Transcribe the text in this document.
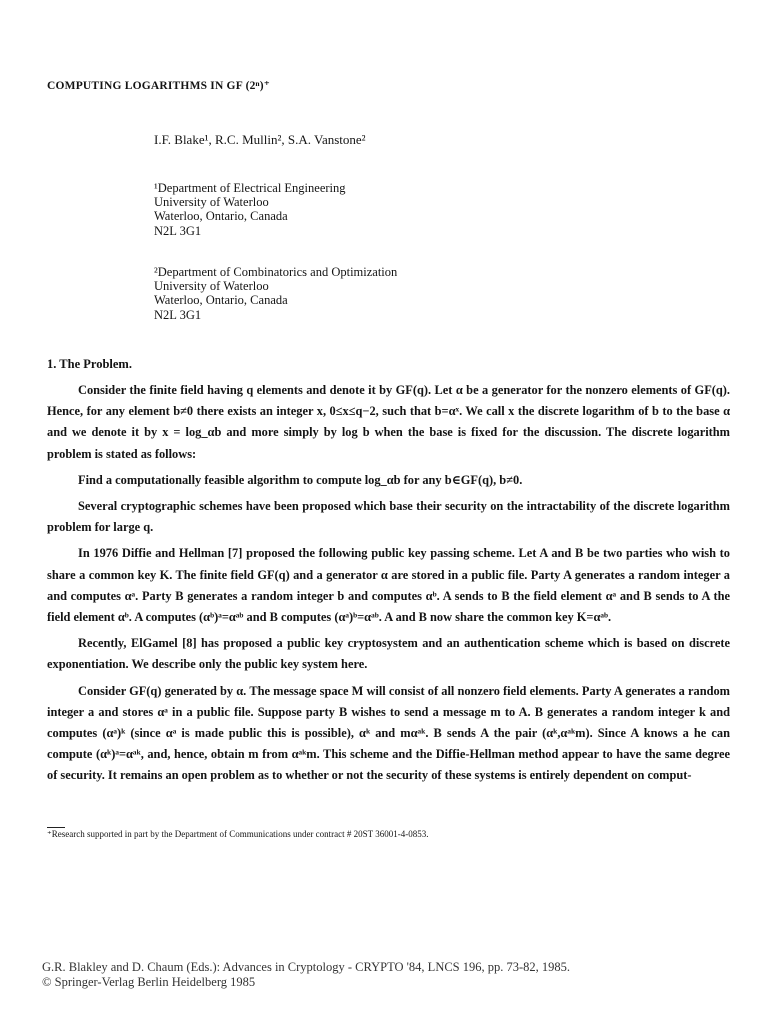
COMPUTING LOGARITHMS IN GF (2ⁿ)⁺
I.F. Blake¹, R.C. Mullin², S.A. Vanstone²
¹Department of Electrical Engineering
University of Waterloo
Waterloo, Ontario, Canada
N2L 3G1
²Department of Combinatorics and Optimization
University of Waterloo
Waterloo, Ontario, Canada
N2L 3G1
1. The Problem.

Consider the finite field having q elements and denote it by GF(q). Let α be a generator for the nonzero elements of GF(q). Hence, for any element b≠0 there exists an integer x, 0≤x≤q−2, such that b=αˣ. We call x the discrete logarithm of b to the base α and we denote it by x = log_αb and more simply by log b when the base is fixed for the discussion. The discrete logarithm problem is stated as follows:

Find a computationally feasible algorithm to compute log_αb for any b∈GF(q), b≠0.

Several cryptographic schemes have been proposed which base their security on the intractability of the discrete logarithm problem for large q.

In 1976 Diffie and Hellman [7] proposed the following public key passing scheme. Let A and B be two parties who wish to share a common key K. The finite field GF(q) and a generator α are stored in a public file. Party A generates a random integer a and computes αᵃ. Party B generates a random integer b and computes αᵇ. A sends to B the field element αᵃ and B sends to A the field element αᵇ. A computes (αᵇ)ᵃ=αᵃᵇ and B computes (αᵃ)ᵇ=αᵃᵇ. A and B now share the common key K=αᵃᵇ.

Recently, ElGamel [8] has proposed a public key cryptosystem and an authentication scheme which is based on discrete exponentiation. We describe only the public key system here.

Consider GF(q) generated by α. The message space M will consist of all nonzero field elements. Party A generates a random integer a and stores αᵃ in a public file. Suppose party B wishes to send a message m to A. B generates a random integer k and computes (αᵃ)ᵏ (since αᵃ is made public this is possible), αᵏ and mαᵃᵏ. B sends A the pair (αᵏ,αᵃᵏm). Since A knows a he can compute (αᵏ)ᵃ=αᵃᵏ, and, hence, obtain m from αᵃᵏm. This scheme and the Diffie-Hellman method appear to have the same degree of security. It remains an open problem as to whether or not the security of these systems is entirely dependent on comput-

⁺Research supported in part by the Department of Communications under contract # 20ST 36001-4-0853.
G.R. Blakley and D. Chaum (Eds.): Advances in Cryptology - CRYPTO '84, LNCS 196, pp. 73-82, 1985.
© Springer-Verlag Berlin Heidelberg 1985
